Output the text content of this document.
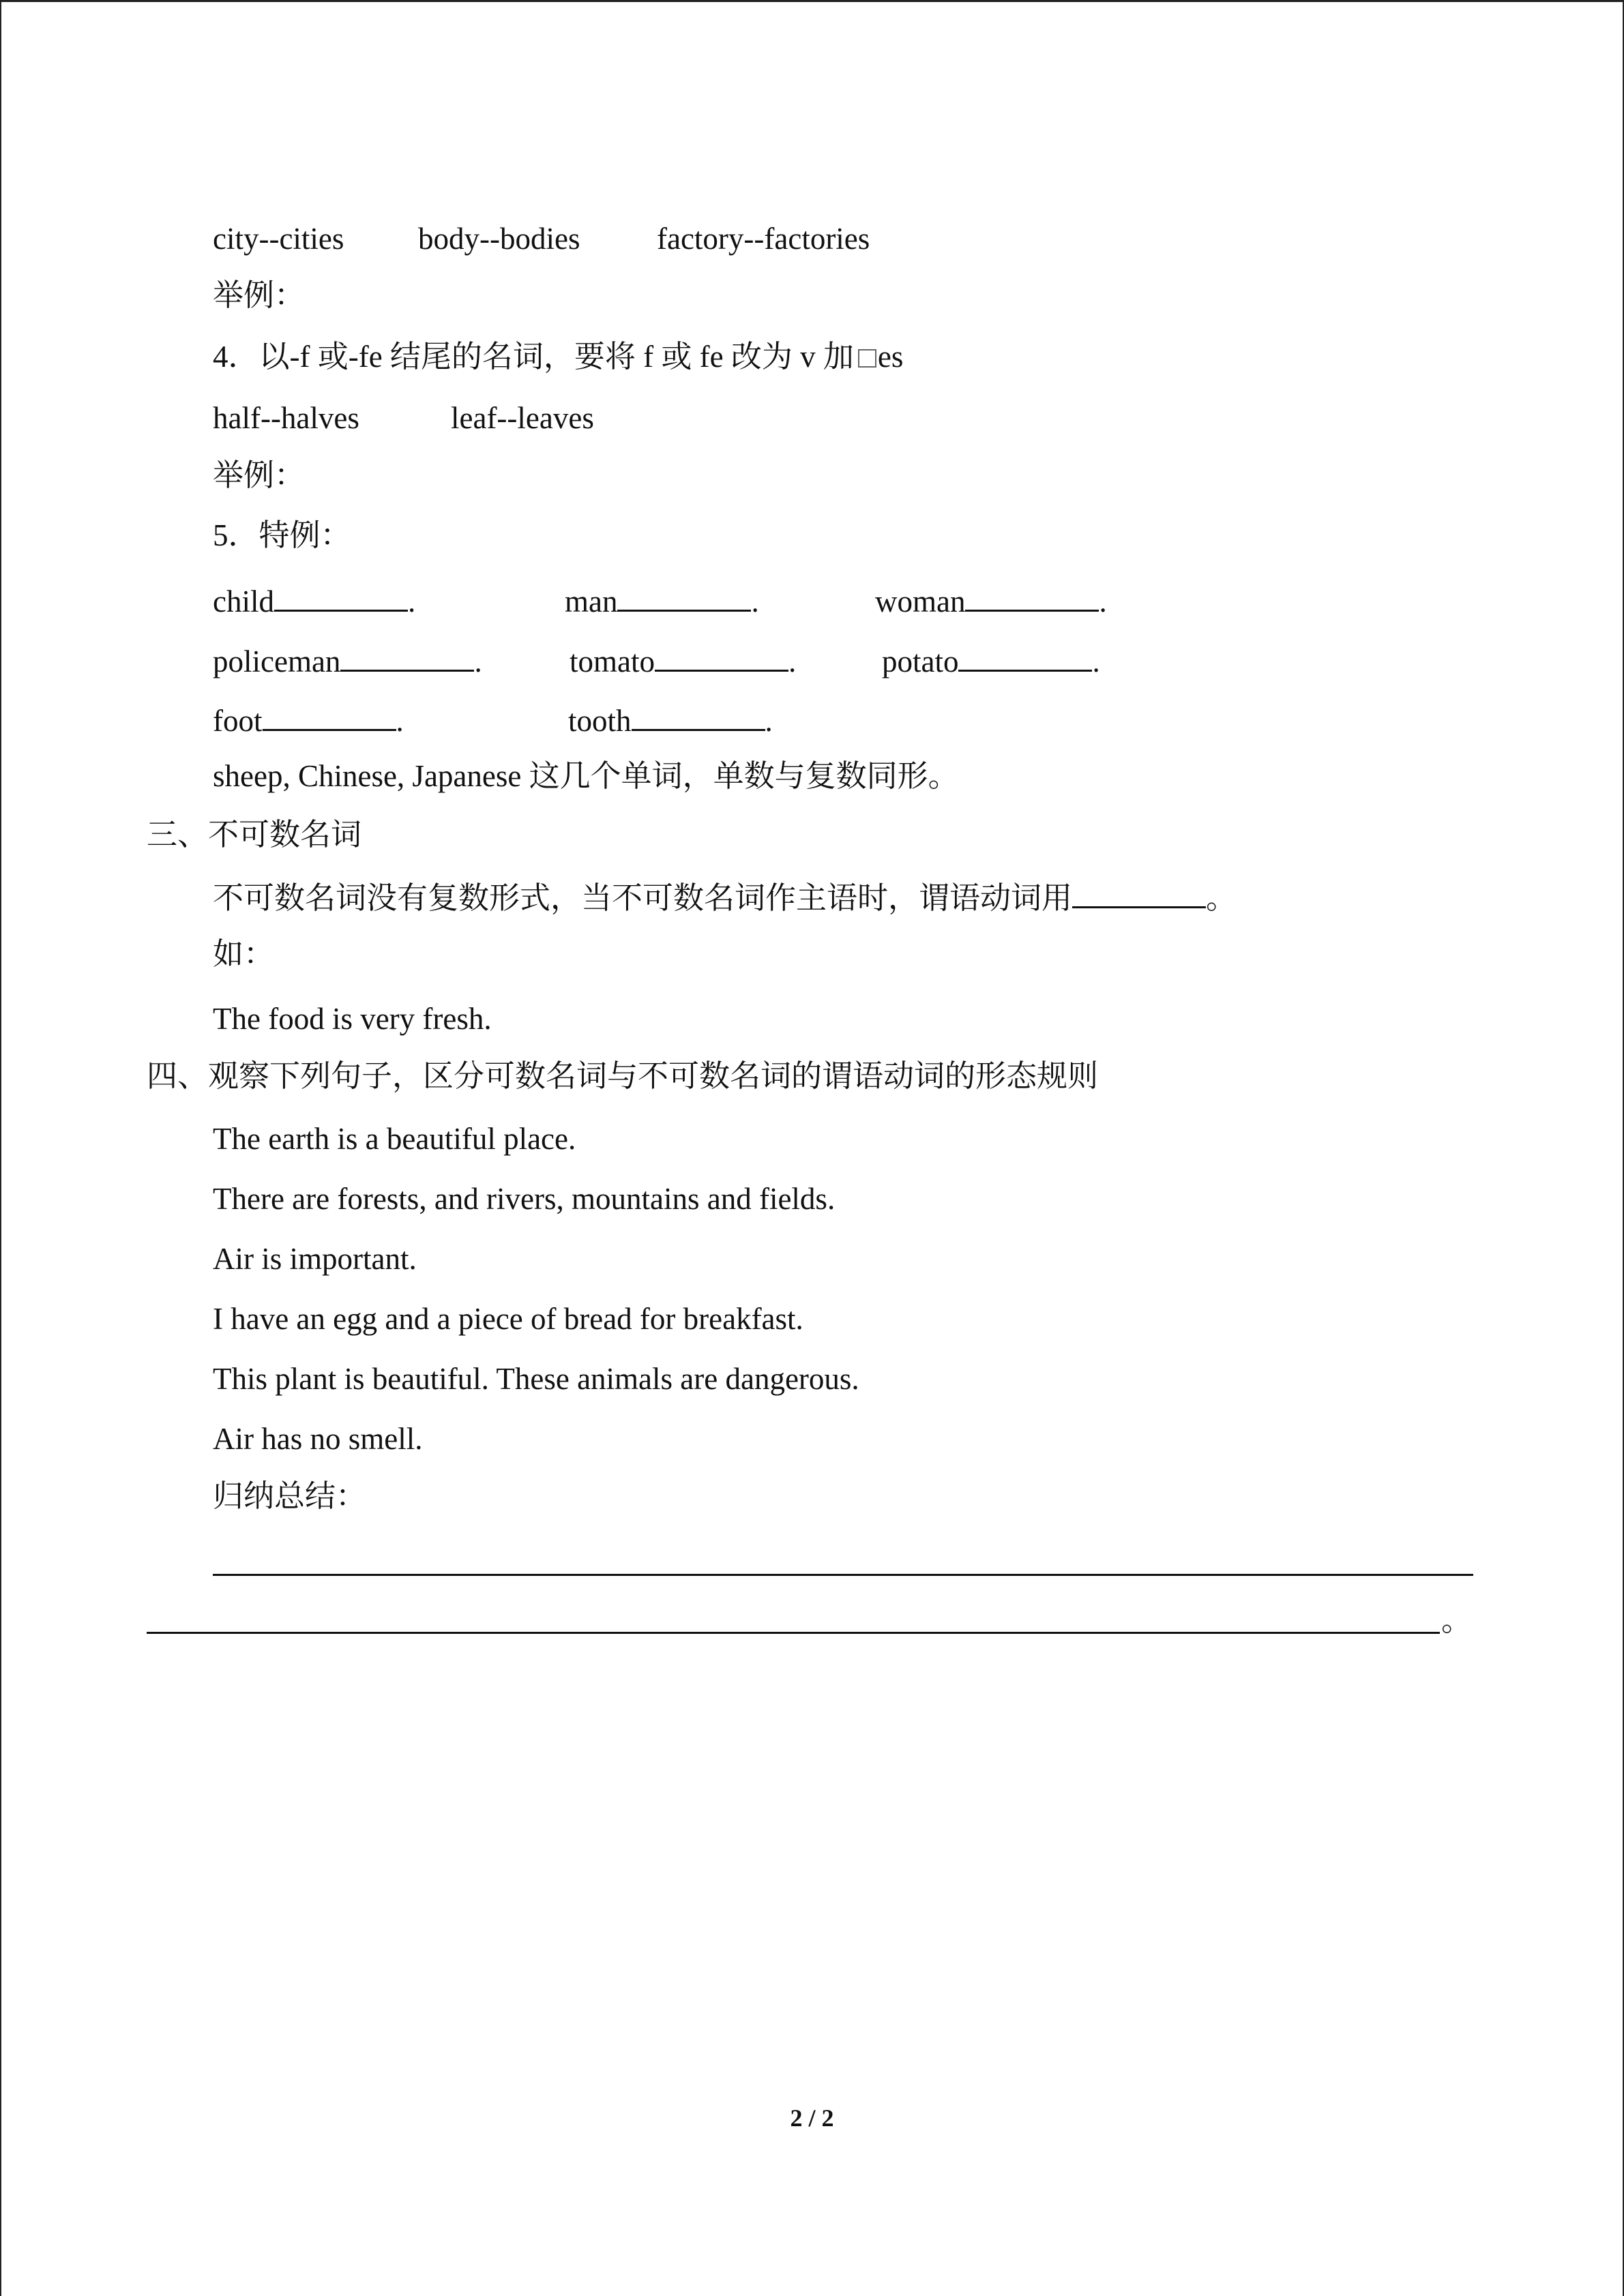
city--cities body--bodies	factory--factories
举例：
4．以-f 或-fe 结尾的名词，要将 f 或 fe 改为 v 加 es
half--halves	leaf--leaves
举例：
5．特例：
child	.	man	.	woman	.
policeman	.	tomato	.	potato	.
foot	.	tooth	.
sheep, Chinese, Japanese 这几个单词，单数与复数同形。
三、不可数名词
不可数名词没有复数形式，当不可数名词作主语时，谓语动词用	。
如：
The food is very fresh.
四、观察下列句子，区分可数名词与不可数名词的谓语动词的形态规则
The earth is a beautiful place.
There are forests, and rivers, mountains and fields.
Air is important.
I have an egg and a piece of bread for breakfast.
This plant is beautiful. These animals are dangerous.
Air has no smell.
归纳总结：
。
2 / 2
